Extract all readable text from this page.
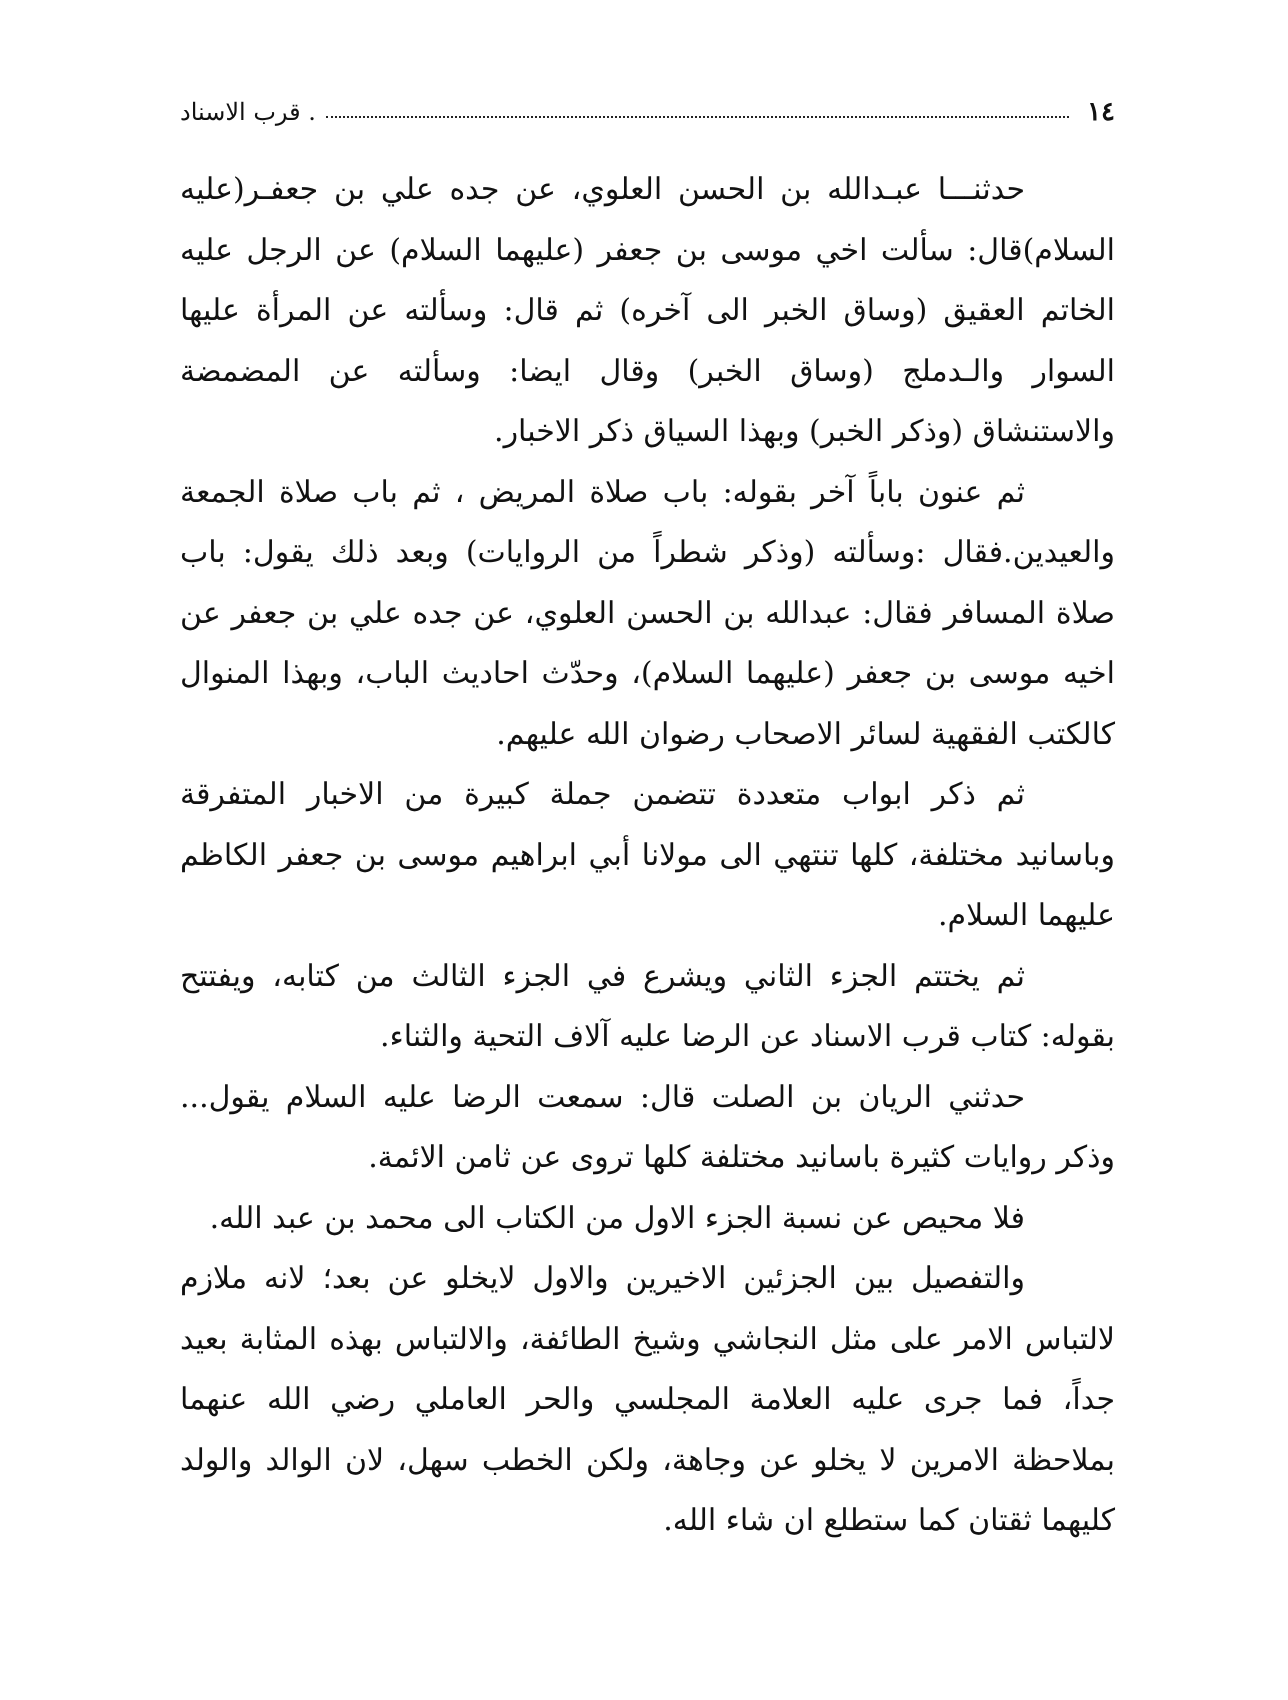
١٤
. قرب الاسناد

حدثنـــا عبـدالله بن الحسن العلوي، عن جده علي بن جعفـر(عليه السلام)قال: سألت اخي موسى بن جعفر (عليهما السلام) عن الرجل عليه الخاتم العقيق (وساق الخبر الى آخره) ثم قال: وسألته عن المرأة عليها السوار والـدملج (وساق الخبر) وقال ايضا: وسألته عن المضمضة والاستنشاق (وذكر الخبر) وبهذا السياق ذكر الاخبار.

ثم عنون باباً آخر بقوله: باب صلاة المريض ، ثم باب صلاة الجمعة والعيدين.فقال :وسألته (وذكر شطراً من الروايات) وبعد ذلك يقول: باب صلاة المسافر فقال: عبدالله بن الحسن العلوي، عن جده علي بن جعفر عن اخيه موسى بن جعفر (عليهما السلام)، وحدّث احاديث الباب، وبهذا المنوال كالكتب الفقهية لسائر الاصحاب رضوان الله عليهم.

ثم ذكر ابواب متعددة تتضمن جملة كبيرة من الاخبار المتفرقة وباسانيد مختلفة، كلها تنتهي الى مولانا أبي ابراهيم موسى بن جعفر الكاظم عليهما السلام.

ثم يختتم الجزء الثاني ويشرع في الجزء الثالث من كتابه، ويفتتح بقوله: كتاب قرب الاسناد عن الرضا عليه آلاف التحية والثناء.

حدثني الريان بن الصلت قال: سمعت الرضا عليه السلام يقول... وذكر روايات كثيرة باسانيد مختلفة كلها تروى عن ثامن الائمة.

فلا محيص عن نسبة الجزء الاول من الكتاب الى محمد بن عبد الله.

والتفصيل بين الجزئين الاخيرين والاول لايخلو عن بعد؛ لانه ملازم لالتباس الامر على مثل النجاشي وشيخ الطائفة، والالتباس بهذه المثابة بعيد جداً، فما جرى عليه العلامة المجلسي والحر العاملي رضي الله عنهما بملاحظة الامرين لا يخلو عن وجاهة، ولكن الخطب سهل، لان الوالد والولد كليهما ثقتان كما ستطلع ان شاء الله.
